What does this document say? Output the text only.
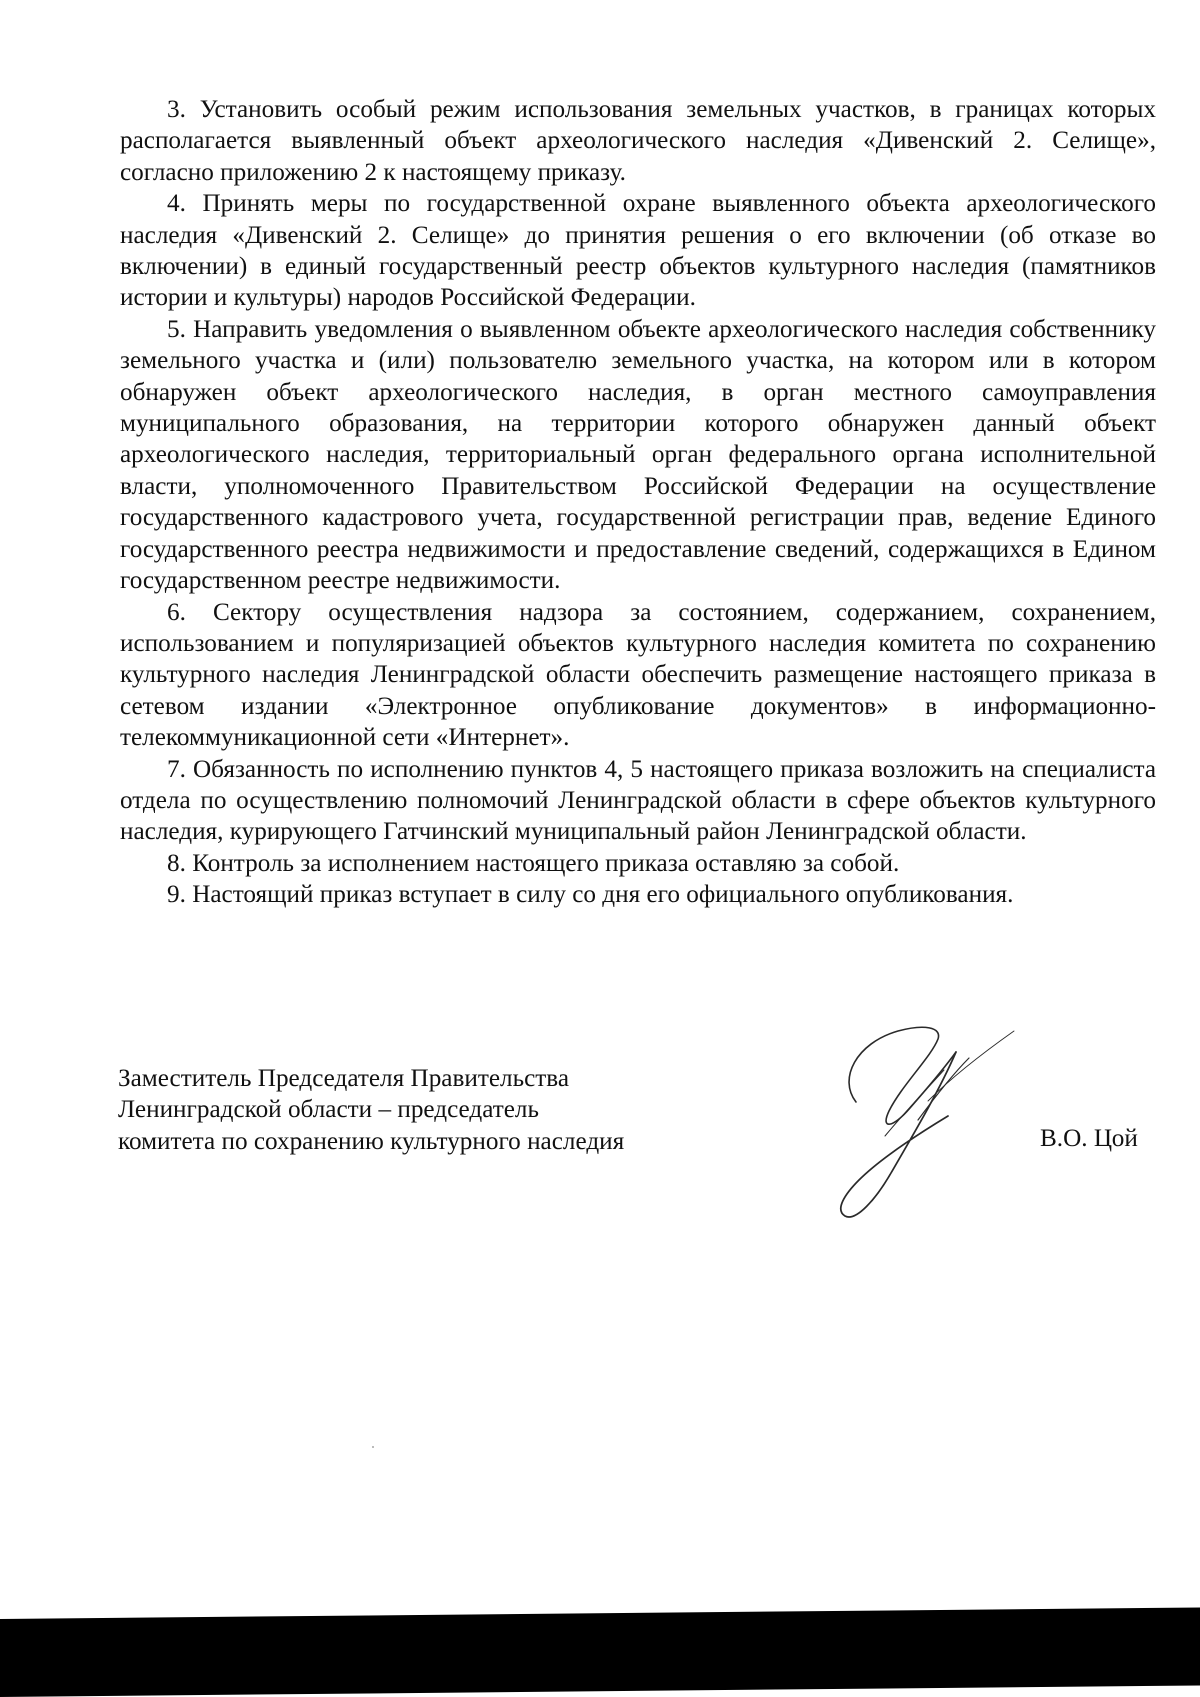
3. Установить особый режим использования земельных участков, в границах которых располагается выявленный объект археологического наследия «Дивенский 2. Селище», согласно приложению 2 к настоящему приказу.

4. Принять меры по государственной охране выявленного объекта археологического наследия «Дивенский 2. Селище» до принятия решения о его включении (об отказе во включении) в единый государственный реестр объектов культурного наследия (памятников истории и культуры) народов Российской Федерации.

5. Направить уведомления о выявленном объекте археологического наследия собственнику земельного участка и (или) пользователю земельного участка, на котором или в котором обнаружен объект археологического наследия, в орган местного самоуправления муниципального образования, на территории которого обнаружен данный объект археологического наследия, территориальный орган федерального органа исполнительной власти, уполномоченного Правительством Российской Федерации на осуществление государственного кадастрового учета, государственной регистрации прав, ведение Единого государственного реестра недвижимости и предоставление сведений, содержащихся в Едином государственном реестре недвижимости.

6. Сектору осуществления надзора за состоянием, содержанием, сохранением, использованием и популяризацией объектов культурного наследия комитета по сохранению культурного наследия Ленинградской области обеспечить размещение настоящего приказа в сетевом издании «Электронное опубликование документов» в информационно-телекоммуникационной сети «Интернет».

7. Обязанность по исполнению пунктов 4, 5 настоящего приказа возложить на специалиста отдела по осуществлению полномочий Ленинградской области в сфере объектов культурного наследия, курирующего Гатчинский муниципальный район Ленинградской области.

8. Контроль за исполнением настоящего приказа оставляю за собой.

9. Настоящий приказ вступает в силу со дня его официального опубликования.

Заместитель Председателя Правительства
Ленинградской области – председатель
комитета по сохранению культурного наследия	В.О. Цой
